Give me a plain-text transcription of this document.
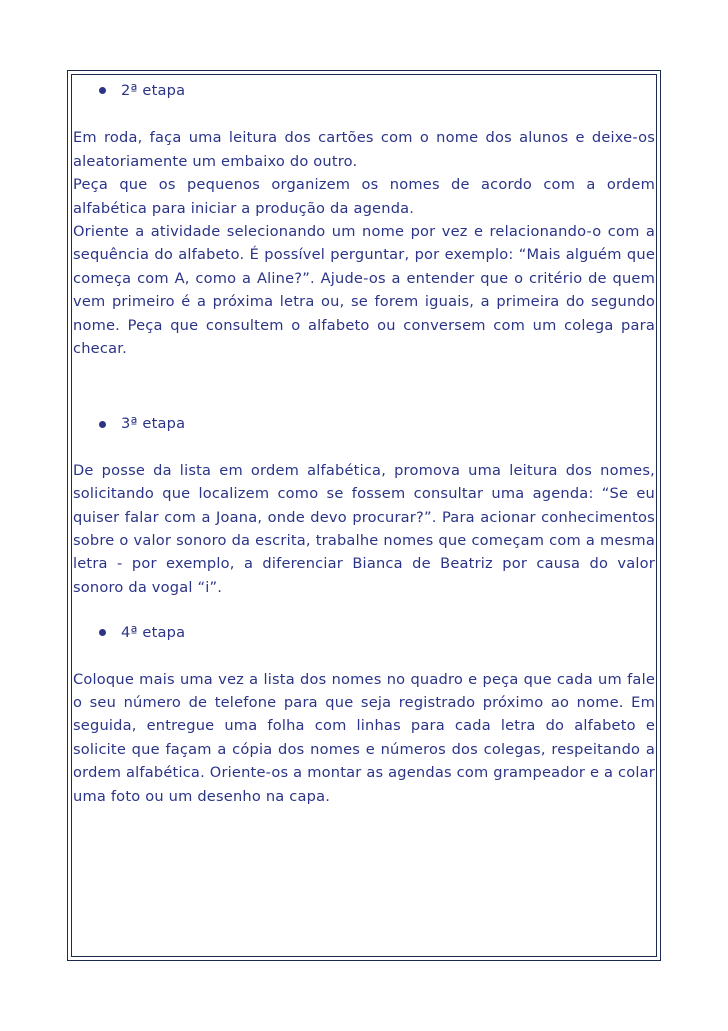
2ª etapa

Em roda, faça uma leitura dos cartões com o nome dos alunos e deixe-os aleatoriamente um embaixo do outro.

Peça que os pequenos organizem os nomes de acordo com a ordem alfabética para iniciar a produção da agenda.

Oriente a atividade selecionando um nome por vez e relacionando-o com a sequência do alfabeto. É possível perguntar, por exemplo: “Mais alguém que começa com A, como a Aline?”. Ajude-os a entender que o critério de quem vem primeiro é a próxima letra ou, se forem iguais, a primeira do segundo nome. Peça que consultem o alfabeto ou conversem com um colega para checar.

3ª etapa

De posse da lista em ordem alfabética, promova uma leitura dos nomes, solicitando que localizem como se fossem consultar uma agenda: “Se eu quiser falar com a Joana, onde devo procurar?”. Para acionar conhecimentos sobre o valor sonoro da escrita, trabalhe nomes que começam com a mesma letra - por exemplo, a diferenciar Bianca de Beatriz por causa do valor sonoro da vogal “i”.

4ª etapa

Coloque mais uma vez a lista dos nomes no quadro e peça que cada um fale o seu número de telefone para que seja registrado próximo ao nome. Em seguida, entregue uma folha com linhas para cada letra do alfabeto e solicite que façam a cópia dos nomes e números dos colegas, respeitando a ordem alfabética. Oriente-os a montar as agendas com grampeador e a colar uma foto ou um desenho na capa.
